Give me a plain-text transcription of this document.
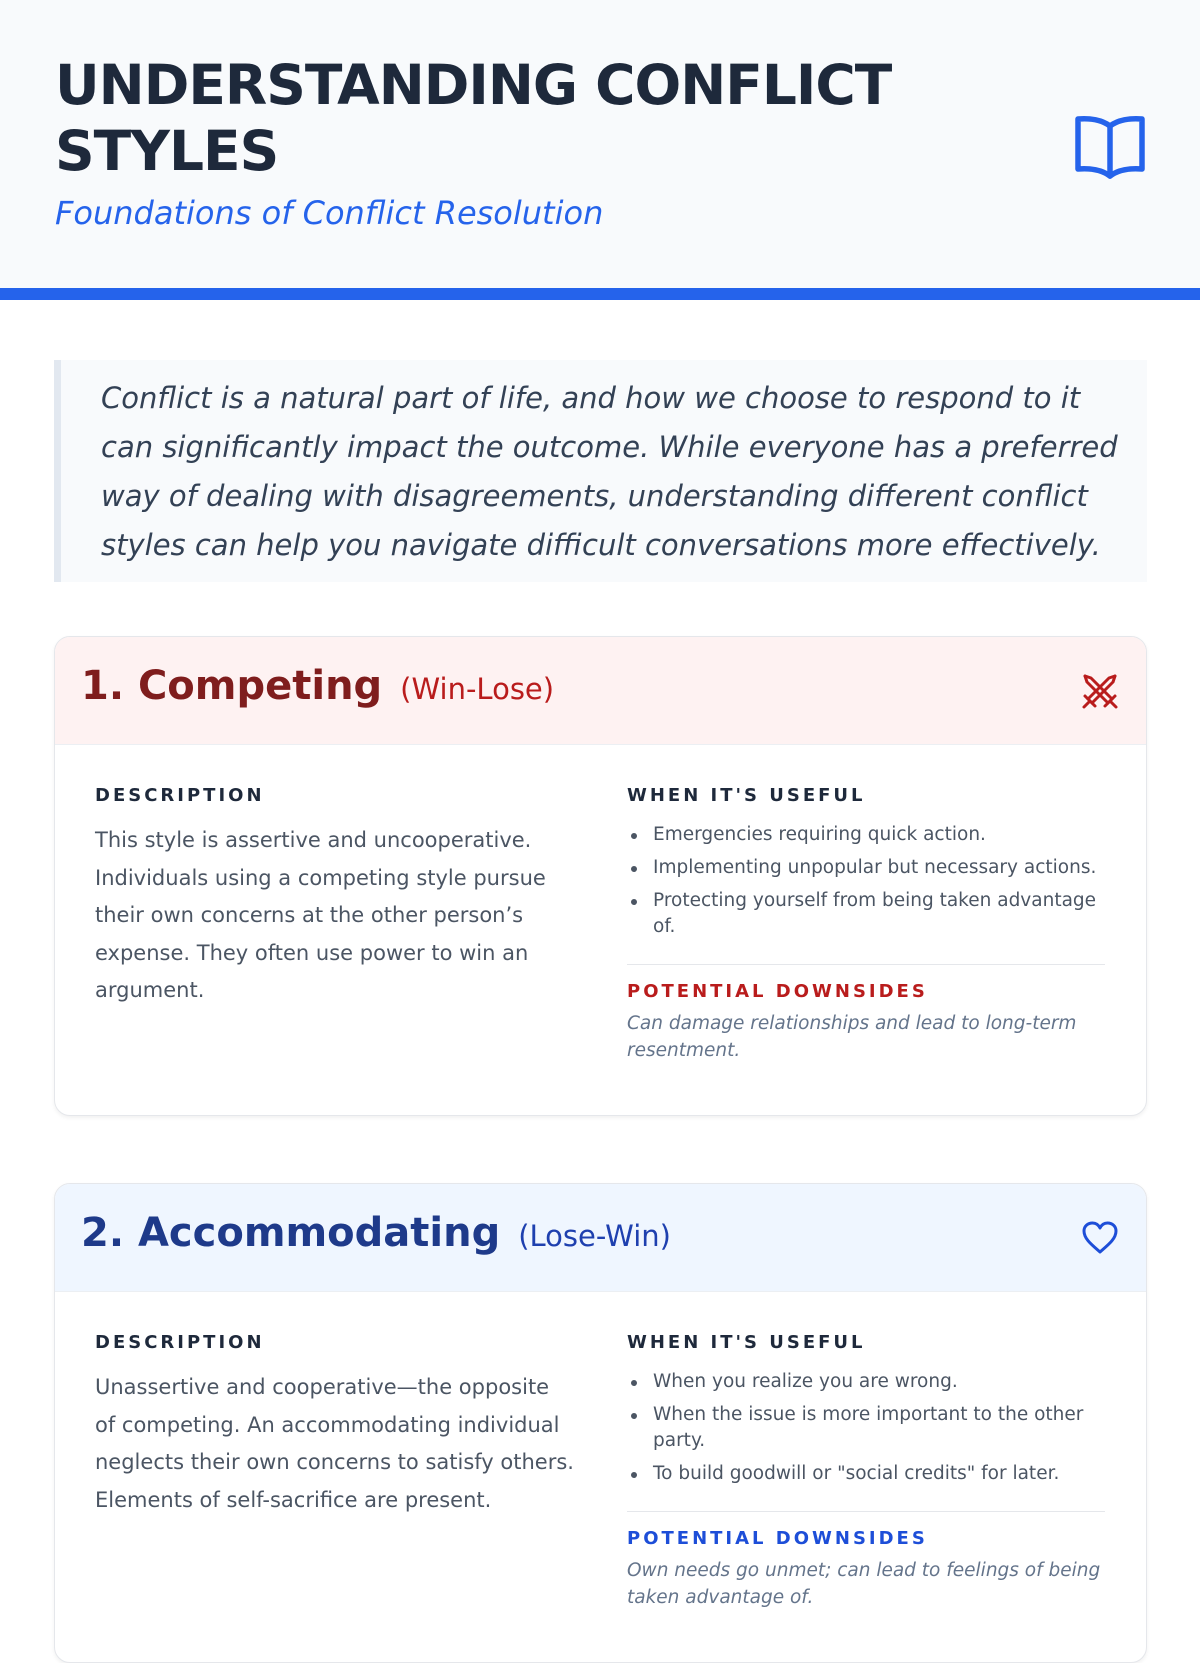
UNDERSTANDING CONFLICT STYLES
Foundations of Conflict Resolution
Conflict is a natural part of life, and how we choose to respond to it can significantly impact the outcome. While everyone has a preferred way of dealing with disagreements, understanding different conflict styles can help you navigate difficult conversations more effectively.
1. Competing (Win-Lose)
DESCRIPTION

This style is assertive and uncooperative. Individuals using a competing style pursue their own concerns at the other person’s expense. They often use power to win an argument.

WHEN IT'S USEFUL
Emergencies requiring quick action.
Implementing unpopular but necessary actions.
Protecting yourself from being taken advantage of.
POTENTIAL DOWNSIDES

Can damage relationships and lead to long-term resentment.

2. Accommodating (Lose-Win)
DESCRIPTION

Unassertive and cooperative—the opposite of competing. An accommodating individual neglects their own concerns to satisfy others. Elements of self-sacrifice are present.

WHEN IT'S USEFUL
When you realize you are wrong.
When the issue is more important to the other party.
To build goodwill or "social credits" for later.
POTENTIAL DOWNSIDES

Own needs go unmet; can lead to feelings of being taken advantage of.
